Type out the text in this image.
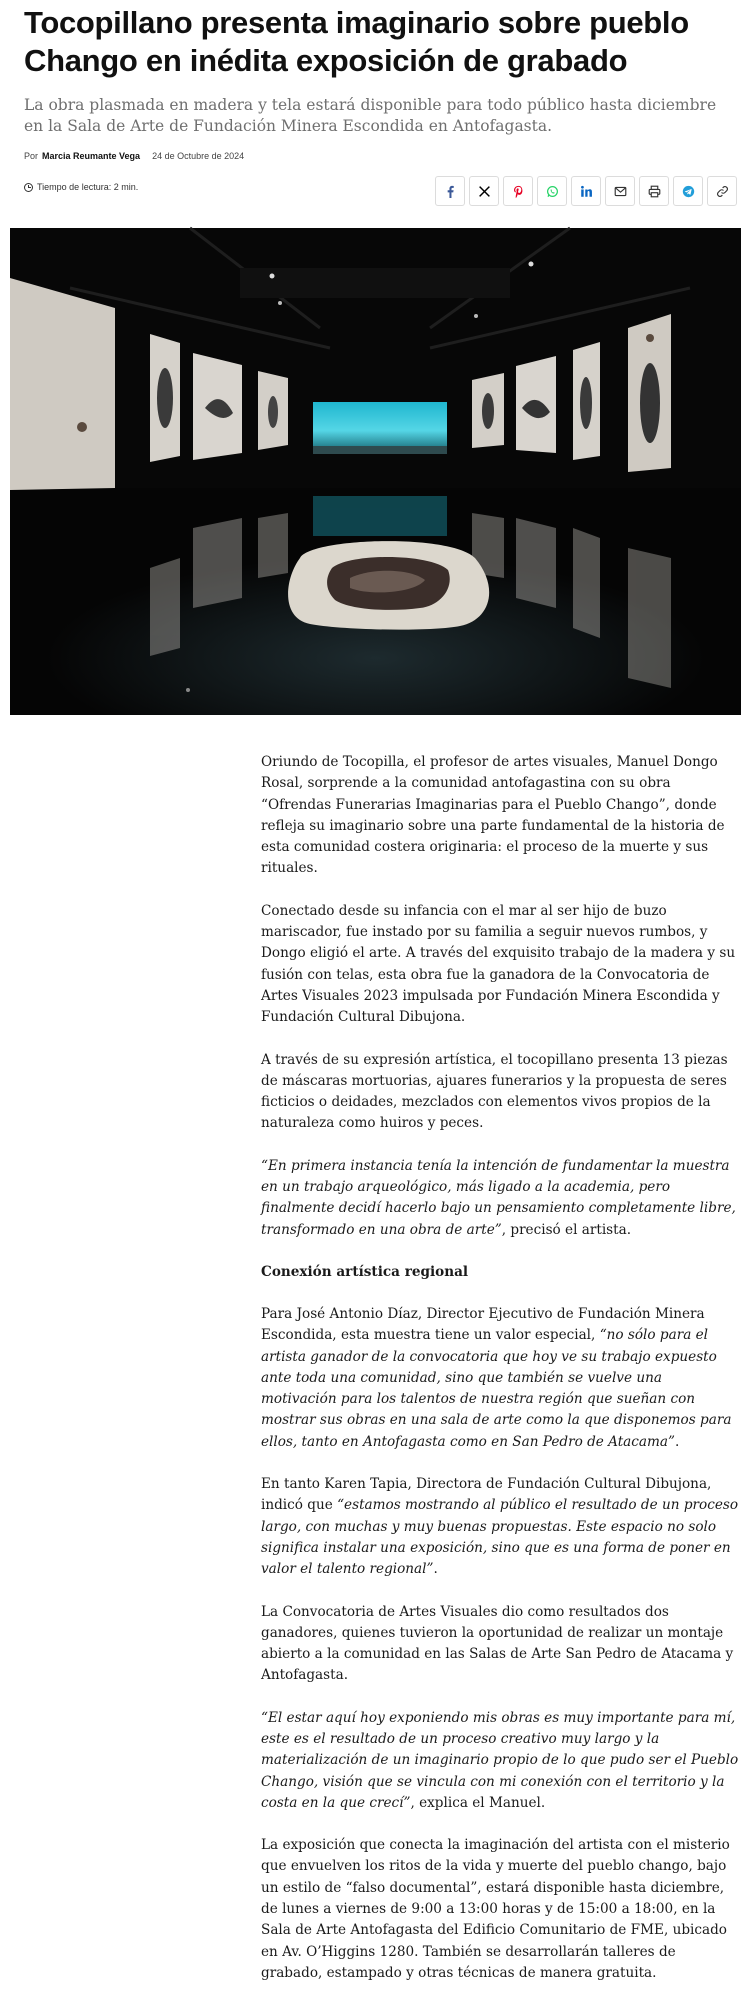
Tocopillano presenta imaginario sobre pueblo Chango en inédita exposición de grabado

La obra plasmada en madera y tela estará disponible para todo público hasta diciembre en la Sala de Arte de Fundación Minera Escondida en Antofagasta.

Por Marcia Reumante Vega 24 de Octubre de 2024
Tiempo de lectura: 2 min.

Oriundo de Tocopilla, el profesor de artes visuales, Manuel Dongo Rosal, sorprende a la comunidad antofagastina con su obra “Ofrendas Funerarias Imaginarias para el Pueblo Chango”, donde refleja su imaginario sobre una parte fundamental de la historia de esta comunidad costera originaria: el proceso de la muerte y sus rituales.

Conectado desde su infancia con el mar al ser hijo de buzo mariscador, fue instado por su familia a seguir nuevos rumbos, y Dongo eligió el arte. A través del exquisito trabajo de la madera y su fusión con telas, esta obra fue la ganadora de la Convocatoria de Artes Visuales 2023 impulsada por Fundación Minera Escondida y Fundación Cultural Dibujona.

A través de su expresión artística, el tocopillano presenta 13 piezas de máscaras mortuorias, ajuares funerarios y la propuesta de seres ficticios o deidades, mezclados con elementos vivos propios de la naturaleza como huiros y peces.

“En primera instancia tenía la intención de fundamentar la muestra en un trabajo arqueológico, más ligado a la academia, pero finalmente decidí hacerlo bajo un pensamiento completamente libre, transformado en una obra de arte”, precisó el artista.

Conexión artística regional

Para José Antonio Díaz, Director Ejecutivo de Fundación Minera Escondida, esta muestra tiene un valor especial, “no sólo para el artista ganador de la convocatoria que hoy ve su trabajo expuesto ante toda una comunidad, sino que también se vuelve una motivación para los talentos de nuestra región que sueñan con mostrar sus obras en una sala de arte como la que disponemos para ellos, tanto en Antofagasta como en San Pedro de Atacama”.

En tanto Karen Tapia, Directora de Fundación Cultural Dibujona, indicó que “estamos mostrando al público el resultado de un proceso largo, con muchas y muy buenas propuestas. Este espacio no solo significa instalar una exposición, sino que es una forma de poner en valor el talento regional”.

La Convocatoria de Artes Visuales dio como resultados dos ganadores, quienes tuvieron la oportunidad de realizar un montaje abierto a la comunidad en las Salas de Arte San Pedro de Atacama y Antofagasta.

“El estar aquí hoy exponiendo mis obras es muy importante para mí, este es el resultado de un proceso creativo muy largo y la materialización de un imaginario propio de lo que pudo ser el Pueblo Chango, visión que se vincula con mi conexión con el territorio y la costa en la que crecí”, explica el Manuel.

La exposición que conecta la imaginación del artista con el misterio que envuelven los ritos de la vida y muerte del pueblo chango, bajo un estilo de “falso documental”, estará disponible hasta diciembre, de lunes a viernes de 9:00 a 13:00 horas y de 15:00 a 18:00, en la Sala de Arte Antofagasta del Edificio Comunitario de FME, ubicado en Av. O’Higgins 1280. También se desarrollarán talleres de grabado, estampado y otras técnicas de manera gratuita.
